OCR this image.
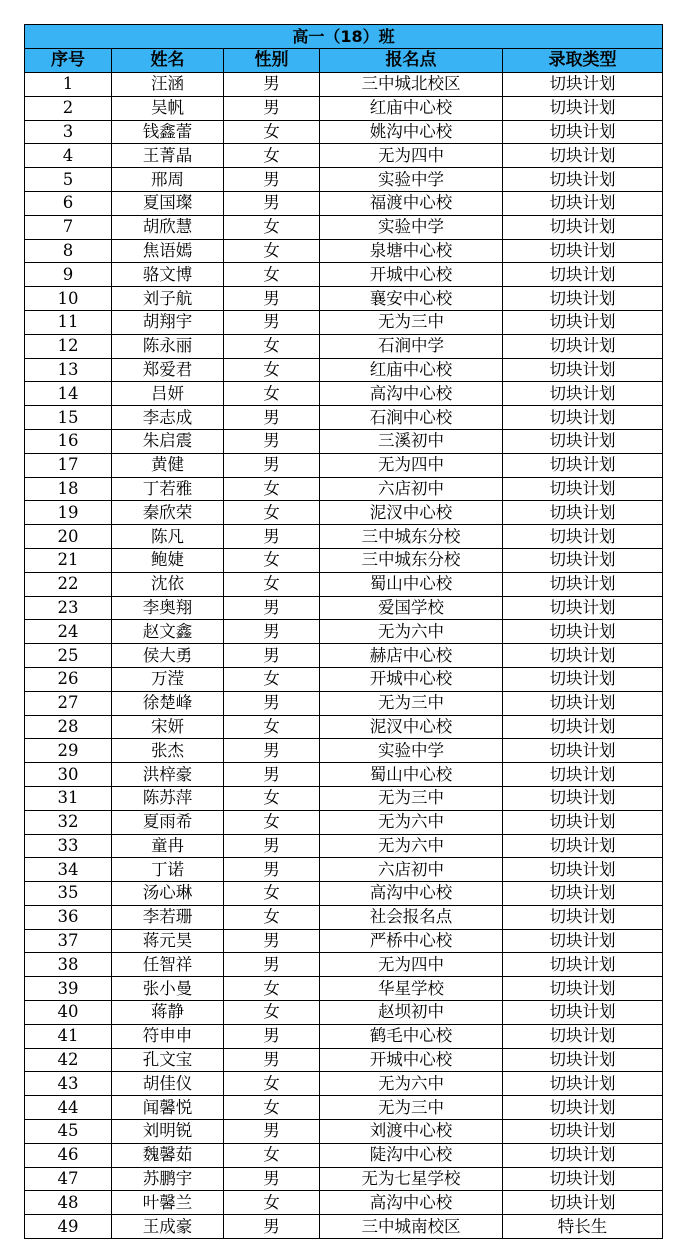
高一（18）班				
序号	姓名	性别	报名点	录取类型
1	汪涵	男	三中城北校区	切块计划
2	吴帆	男	红庙中心校	切块计划
3	钱鑫蕾	女	姚沟中心校	切块计划
4	王菁晶	女	无为四中	切块计划
5	邢周	男	实验中学	切块计划
6	夏国璨	男	福渡中心校	切块计划
7	胡欣慧	女	实验中学	切块计划
8	焦语嫣	女	泉塘中心校	切块计划
9	骆文博	女	开城中心校	切块计划
10	刘子航	男	襄安中心校	切块计划
11	胡翔宇	男	无为三中	切块计划
12	陈永丽	女	石涧中学	切块计划
13	郑爱君	女	红庙中心校	切块计划
14	吕妍	女	高沟中心校	切块计划
15	李志成	男	石涧中心校	切块计划
16	朱启震	男	三溪初中	切块计划
17	黄健	男	无为四中	切块计划
18	丁若雅	女	六店初中	切块计划
19	秦欣荣	女	泥汊中心校	切块计划
20	陈凡	男	三中城东分校	切块计划
21	鲍婕	女	三中城东分校	切块计划
22	沈依	女	蜀山中心校	切块计划
23	李奥翔	男	爱国学校	切块计划
24	赵文鑫	男	无为六中	切块计划
25	侯大勇	男	赫店中心校	切块计划
26	万滢	女	开城中心校	切块计划
27	徐楚峰	男	无为三中	切块计划
28	宋妍	女	泥汊中心校	切块计划
29	张杰	男	实验中学	切块计划
30	洪梓豪	男	蜀山中心校	切块计划
31	陈苏萍	女	无为三中	切块计划
32	夏雨希	女	无为六中	切块计划
33	童冉	男	无为六中	切块计划
34	丁诺	男	六店初中	切块计划
35	汤心琳	女	高沟中心校	切块计划
36	李若珊	女	社会报名点	切块计划
37	蒋元昊	男	严桥中心校	切块计划
38	任智祥	男	无为四中	切块计划
39	张小曼	女	华星学校	切块计划
40	蒋静	女	赵坝初中	切块计划
41	符申申	男	鹤毛中心校	切块计划
42	孔文宝	男	开城中心校	切块计划
43	胡佳仪	女	无为六中	切块计划
44	闻馨悦	女	无为三中	切块计划
45	刘明锐	男	刘渡中心校	切块计划
46	魏馨茹	女	陡沟中心校	切块计划
47	苏鹏宇	男	无为七星学校	切块计划
48	叶馨兰	女	高沟中心校	切块计划
49	王成豪	男	三中城南校区	特长生
